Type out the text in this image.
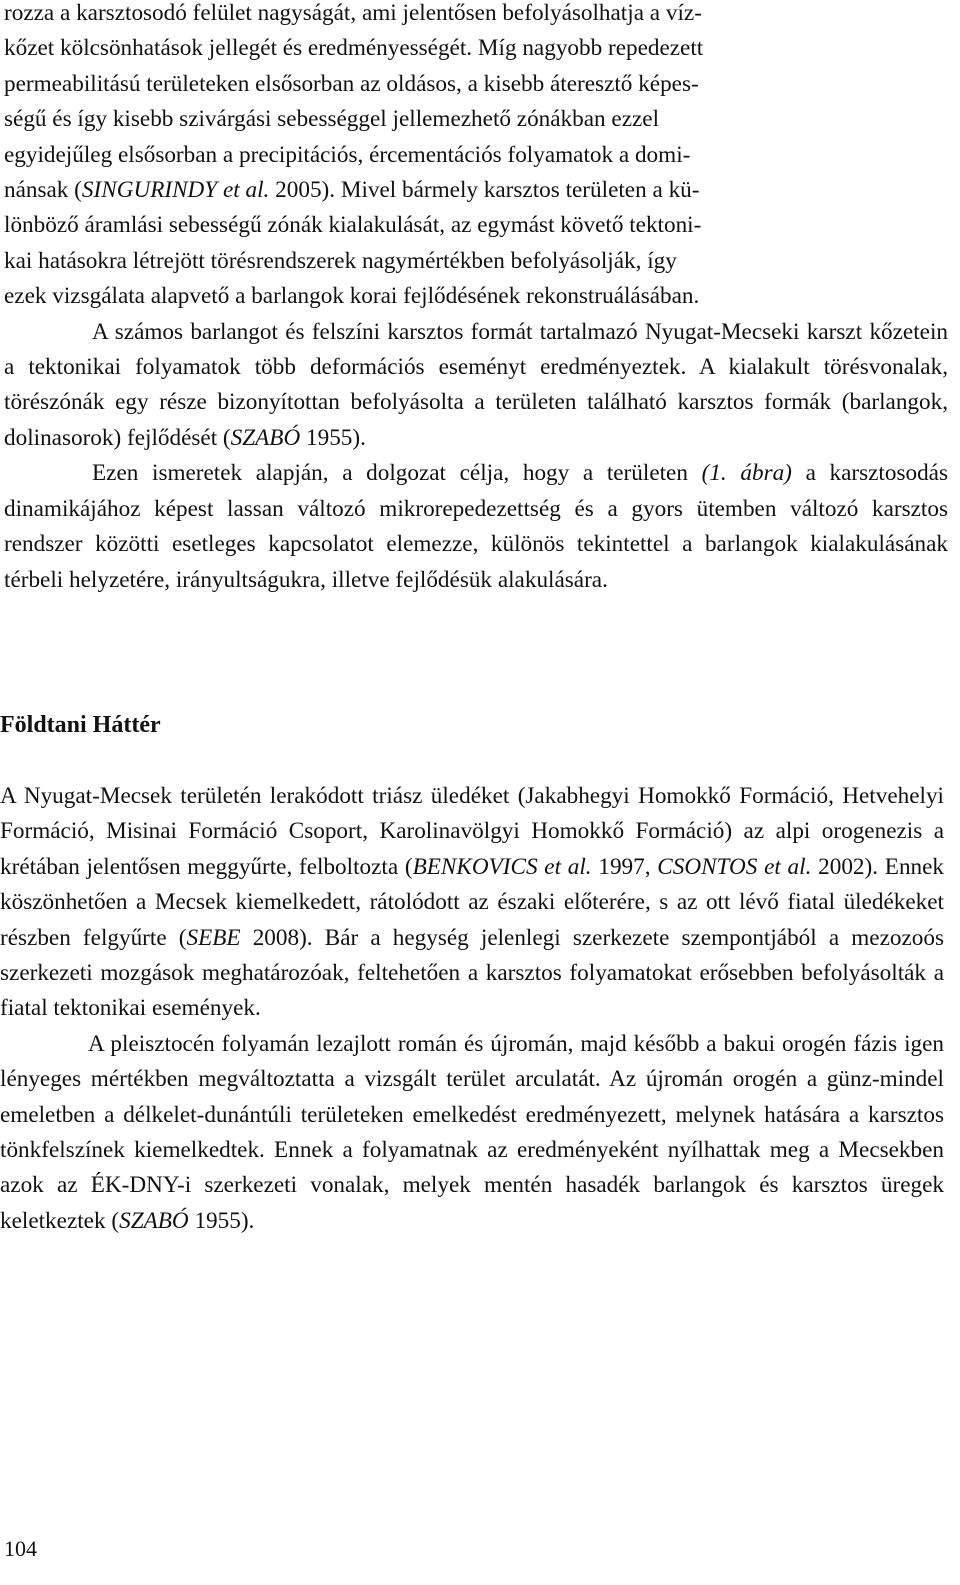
rozza a karsztosodó felület nagyságát, ami jelentősen befolyásolhatja a víz-
kőzet kölcsönhatások jellegét és eredményességét. Míg nagyobb repedezett
permeabilitású területeken elsősorban az oldásos, a kisebb áteresztő képes-
ségű és így kisebb szivárgási sebességgel jellemezhető zónákban ezzel
egyidejűleg elsősorban a precipitációs, ércementációs folyamatok a domi-
nánsak (SINGURINDY et al. 2005). Mivel bármely karsztos területen a kü-
lönböző áramlási sebességű zónák kialakulását, az egymást követő tektoni-
kai hatásokra létrejött törésrendszerek nagymértékben befolyásolják, így
ezek vizsgálata alapvető a barlangok korai fejlődésének rekonstruálásában.

A számos barlangot és felszíni karsztos formát tartalmazó Nyugat-Mecseki karszt kőzetein a tektonikai folyamatok több deformációs eseményt eredményeztek. A kialakult törésvonalak, törészónák egy része bizonyítottan befolyásolta a területen található karsztos formák (barlangok, dolinasorok) fejlődését (SZABÓ 1955).

Ezen ismeretek alapján, a dolgozat célja, hogy a területen (1. ábra) a karsztosodás dinamikájához képest lassan változó mikrorepedezettség és a gyors ütemben változó karsztos rendszer közötti esetleges kapcsolatot elemezze, különös tekintettel a barlangok kialakulásának térbeli helyzetére, irányultságukra, illetve fejlődésük alakulására.

Földtani Háttér

A Nyugat-Mecsek területén lerakódott triász üledéket (Jakabhegyi Homokkő Formáció, Hetvehelyi Formáció, Misinai Formáció Csoport, Karolinavölgyi Homokkő Formáció) az alpi orogenezis a krétában jelentősen meggyűrte, felboltozta (BENKOVICS et al. 1997, CSONTOS et al. 2002). Ennek köszönhetően a Mecsek kiemelkedett, rátolódott az északi előterére, s az ott lévő fiatal üledékeket részben felgyűrte (SEBE 2008). Bár a hegység jelenlegi szerkezete szempontjából a mezozoós szerkezeti mozgások meghatározóak, feltehetően a karsztos folyamatokat erősebben befolyásolták a fiatal tektonikai események.

A pleisztocén folyamán lezajlott román és újromán, majd később a bakui orogén fázis igen lényeges mértékben megváltoztatta a vizsgált terület arculatát. Az újromán orogén a günz-mindel emeletben a délkelet-dunántúli területeken emelkedést eredményezett, melynek hatására a karsztos tönkfelszínek kiemelkedtek. Ennek a folyamatnak az eredményeként nyílhattak meg a Mecsekben azok az ÉK-DNY-i szerkezeti vonalak, melyek mentén hasadék barlangok és karsztos üregek keletkeztek (SZABÓ 1955).

104
